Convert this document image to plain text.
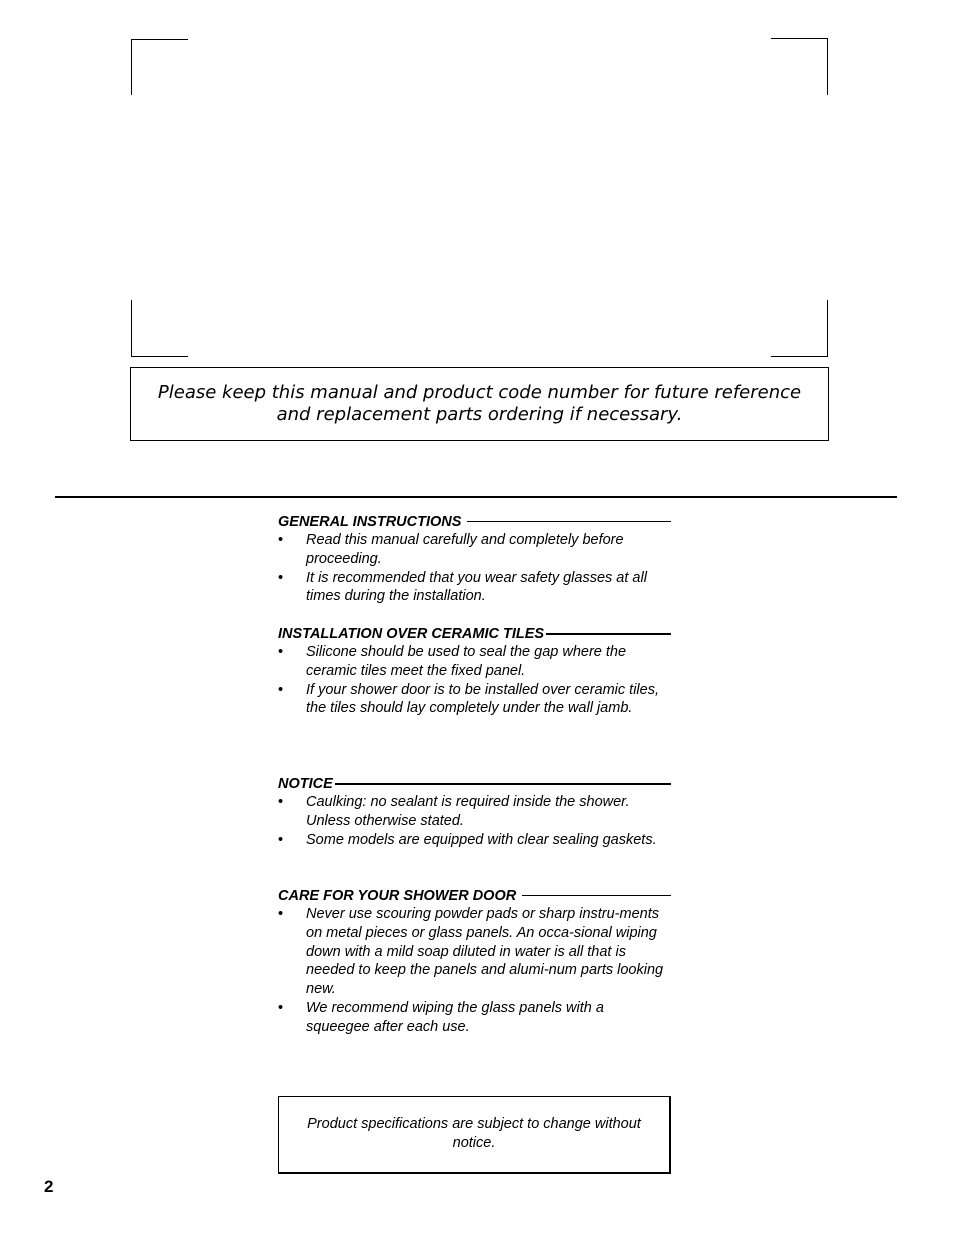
Please keep this manual and product code number for future reference and replacement parts ordering if necessary.

GENERAL INSTRUCTIONS
• Read this manual carefully and completely before proceeding.
• It is recommended that you wear safety glasses at all times during the installation.
INSTALLATION OVER CERAMIC TILES
• Silicone should be used to seal the gap where the ceramic tiles meet the fixed panel.
• If your shower door is to be installed over ceramic tiles, the tiles should lay completely under the wall jamb.
NOTICE
• Caulking: no sealant is required inside the shower. Unless otherwise stated.
• Some models are equipped with clear sealing gaskets.
CARE FOR YOUR SHOWER DOOR
• Never use scouring powder pads or sharp instru-ments on metal pieces or glass panels. An occa-sional wiping down with a mild soap diluted in water is all that is needed to keep the panels and alumi-num parts looking new.
• We recommend wiping the glass panels with a squeegee after each use.

Product specifications are subject to change without notice.

2
